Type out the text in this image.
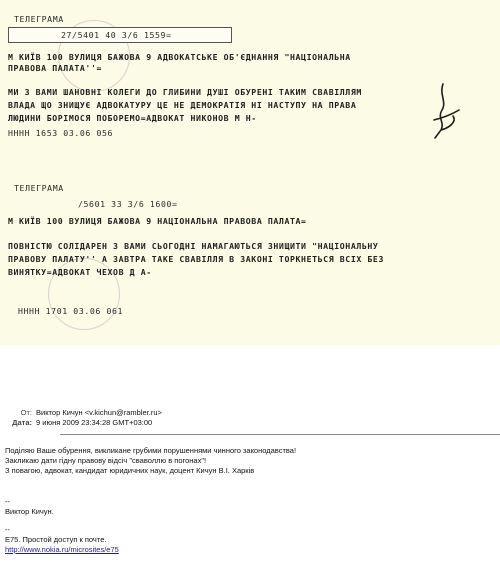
ТЕЛЕГРАМА
27/5401 40 3/6 1559=
М КИЇВ 100 ВУЛИЦЯ БАЖОВА 9 АДВОКАТСЬКЕ ОБ'ЄДНАННЯ "НАЦІОНАЛЬНА
ПРАВОВА ПАЛАТА''=
МИ З ВАМИ ШАНОВНІ КОЛЕГИ ДО ГЛИБИНИ ДУШІ ОБУРЕНІ ТАКИМ СВАВІЛЛЯМ
ВЛАДА ЩО ЗНИЩУЄ АДВОКАТУРУ ЦЕ НЕ ДЕМОКРАТІЯ НІ НАСТУПУ НА ПРАВА
ЛЮДИНИ БОРІМОСЯ ПОБОРЕМО=АДВОКАТ НИКОНОВ М Н-
НННН 1653 03.06 056
ТЕЛЕГРАМА
/5601 33 3/6 1600=
М КИЇВ 100 ВУЛИЦЯ БАЖОВА 9 НАЦІОНАЛЬНА ПРАВОВА ПАЛАТА=
ПОВНІСТЮ СОЛІДАРЕН З ВАМИ СЬОГОДНІ НАМАГАЮТЬСЯ ЗНИЩИТИ "НАЦІОНАЛЬНУ
ПРАВОВУ ПАЛАТУ'' А ЗАВТРА ТАКЕ СВАВІЛЛЯ В ЗАКОНІ ТОРКНЕТЬСЯ ВСІХ БЕЗ
ВИНЯТКУ=АДВОКАТ ЧЕХОВ Д А-
НННН 1701 03.06 061
От: Виктор Кичун <v.kichun@rambler.ru>
Дата: 9 июня 2009 23:34:28 GMT+03:00
Поділяю Ваше обурення, викликане грубими порушеннями чинного законодавства!
Закликаю дати гідну правову відсіч "сваволлю в погонах"!
З повагою, адвокат, кандидат юридичних наук, доцент Кичун В.І. Харків
--
Виктор Кичун.
--
E75. Простой доступ к почте.
http://www.nokia.ru/microsites/e75
